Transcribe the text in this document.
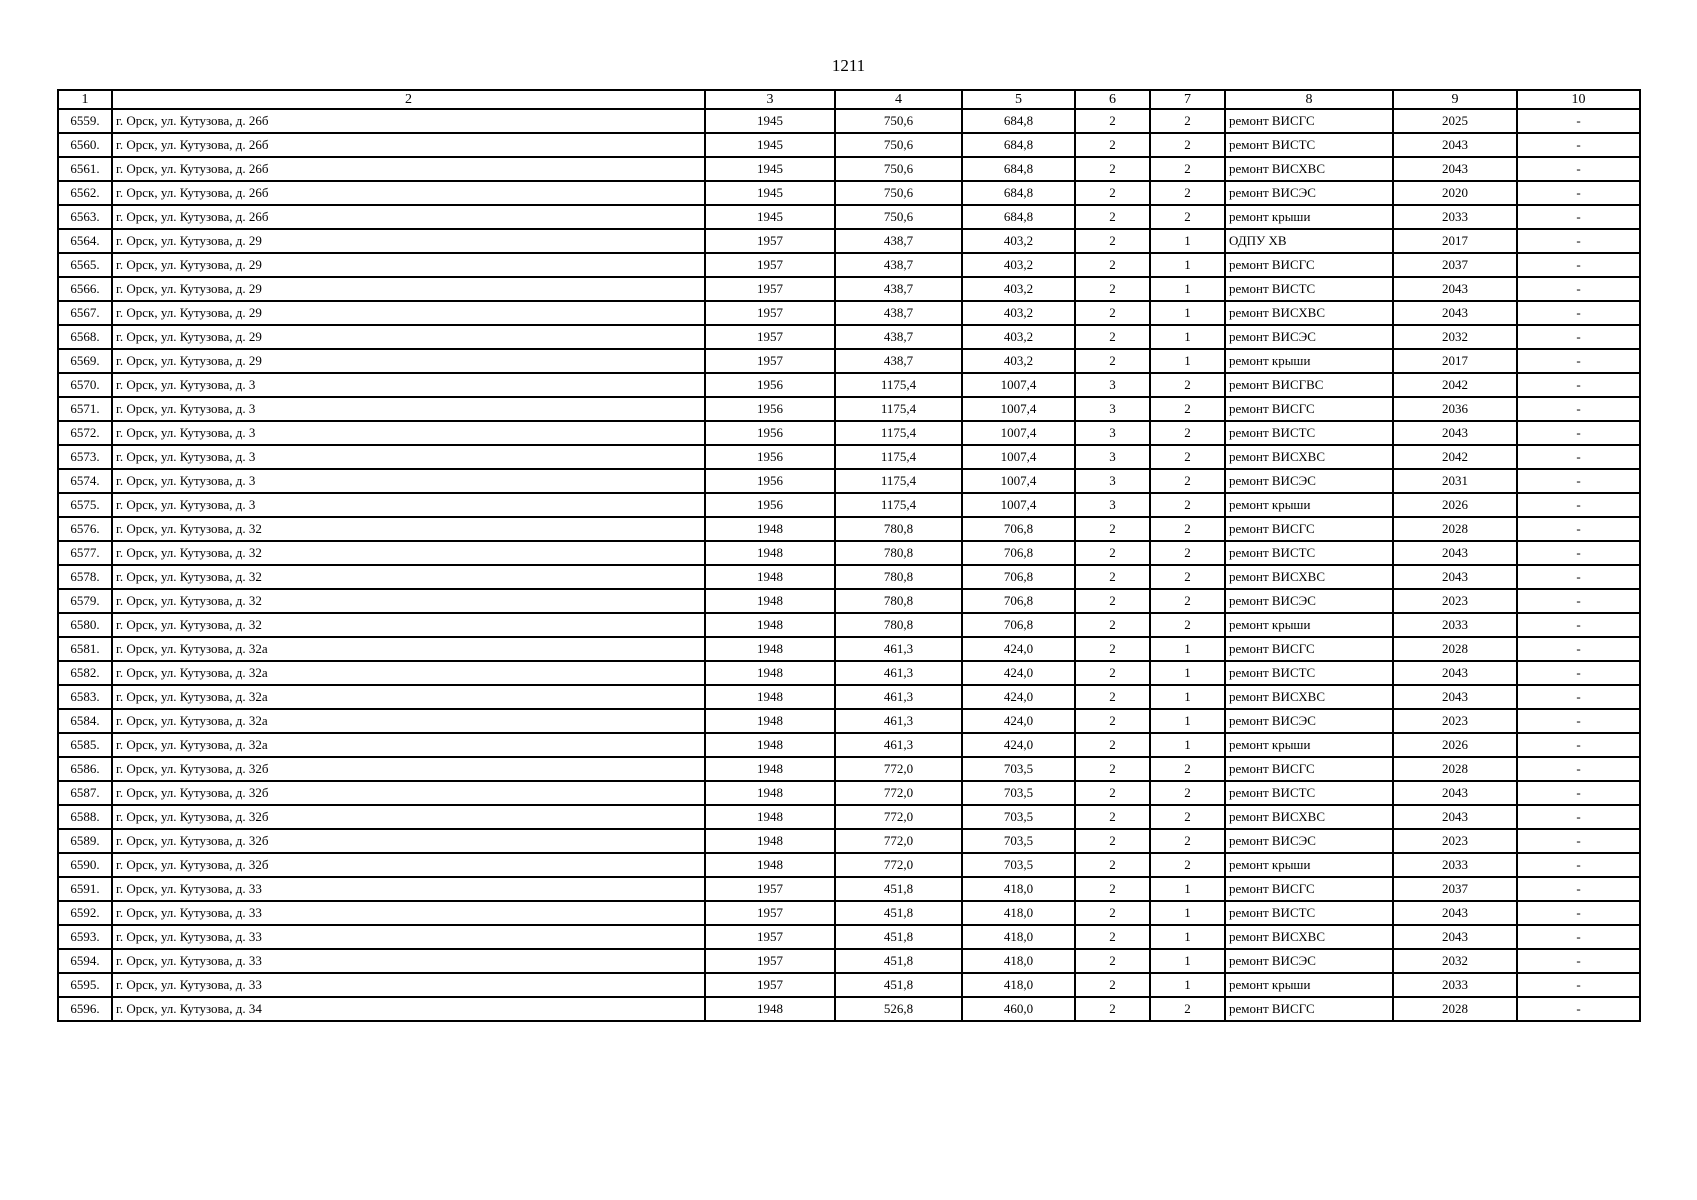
1211
1	2	3	4	5	6	7	8	9	10
6559.	г. Орск, ул. Кутузова, д. 26б	1945	750,6	684,8	2	2	ремонт ВИСГС	2025	-
6560.	г. Орск, ул. Кутузова, д. 26б	1945	750,6	684,8	2	2	ремонт ВИСТС	2043	-
6561.	г. Орск, ул. Кутузова, д. 26б	1945	750,6	684,8	2	2	ремонт ВИСХВС	2043	-
6562.	г. Орск, ул. Кутузова, д. 26б	1945	750,6	684,8	2	2	ремонт ВИСЭС	2020	-
6563.	г. Орск, ул. Кутузова, д. 26б	1945	750,6	684,8	2	2	ремонт крыши	2033	-
6564.	г. Орск, ул. Кутузова, д. 29	1957	438,7	403,2	2	1	ОДПУ ХВ	2017	-
6565.	г. Орск, ул. Кутузова, д. 29	1957	438,7	403,2	2	1	ремонт ВИСГС	2037	-
6566.	г. Орск, ул. Кутузова, д. 29	1957	438,7	403,2	2	1	ремонт ВИСТС	2043	-
6567.	г. Орск, ул. Кутузова, д. 29	1957	438,7	403,2	2	1	ремонт ВИСХВС	2043	-
6568.	г. Орск, ул. Кутузова, д. 29	1957	438,7	403,2	2	1	ремонт ВИСЭС	2032	-
6569.	г. Орск, ул. Кутузова, д. 29	1957	438,7	403,2	2	1	ремонт крыши	2017	-
6570.	г. Орск, ул. Кутузова, д. 3	1956	1175,4	1007,4	3	2	ремонт ВИСГВС	2042	-
6571.	г. Орск, ул. Кутузова, д. 3	1956	1175,4	1007,4	3	2	ремонт ВИСГС	2036	-
6572.	г. Орск, ул. Кутузова, д. 3	1956	1175,4	1007,4	3	2	ремонт ВИСТС	2043	-
6573.	г. Орск, ул. Кутузова, д. 3	1956	1175,4	1007,4	3	2	ремонт ВИСХВС	2042	-
6574.	г. Орск, ул. Кутузова, д. 3	1956	1175,4	1007,4	3	2	ремонт ВИСЭС	2031	-
6575.	г. Орск, ул. Кутузова, д. 3	1956	1175,4	1007,4	3	2	ремонт крыши	2026	-
6576.	г. Орск, ул. Кутузова, д. 32	1948	780,8	706,8	2	2	ремонт ВИСГС	2028	-
6577.	г. Орск, ул. Кутузова, д. 32	1948	780,8	706,8	2	2	ремонт ВИСТС	2043	-
6578.	г. Орск, ул. Кутузова, д. 32	1948	780,8	706,8	2	2	ремонт ВИСХВС	2043	-
6579.	г. Орск, ул. Кутузова, д. 32	1948	780,8	706,8	2	2	ремонт ВИСЭС	2023	-
6580.	г. Орск, ул. Кутузова, д. 32	1948	780,8	706,8	2	2	ремонт крыши	2033	-
6581.	г. Орск, ул. Кутузова, д. 32а	1948	461,3	424,0	2	1	ремонт ВИСГС	2028	-
6582.	г. Орск, ул. Кутузова, д. 32а	1948	461,3	424,0	2	1	ремонт ВИСТС	2043	-
6583.	г. Орск, ул. Кутузова, д. 32а	1948	461,3	424,0	2	1	ремонт ВИСХВС	2043	-
6584.	г. Орск, ул. Кутузова, д. 32а	1948	461,3	424,0	2	1	ремонт ВИСЭС	2023	-
6585.	г. Орск, ул. Кутузова, д. 32а	1948	461,3	424,0	2	1	ремонт крыши	2026	-
6586.	г. Орск, ул. Кутузова, д. 32б	1948	772,0	703,5	2	2	ремонт ВИСГС	2028	-
6587.	г. Орск, ул. Кутузова, д. 32б	1948	772,0	703,5	2	2	ремонт ВИСТС	2043	-
6588.	г. Орск, ул. Кутузова, д. 32б	1948	772,0	703,5	2	2	ремонт ВИСХВС	2043	-
6589.	г. Орск, ул. Кутузова, д. 32б	1948	772,0	703,5	2	2	ремонт ВИСЭС	2023	-
6590.	г. Орск, ул. Кутузова, д. 32б	1948	772,0	703,5	2	2	ремонт крыши	2033	-
6591.	г. Орск, ул. Кутузова, д. 33	1957	451,8	418,0	2	1	ремонт ВИСГС	2037	-
6592.	г. Орск, ул. Кутузова, д. 33	1957	451,8	418,0	2	1	ремонт ВИСТС	2043	-
6593.	г. Орск, ул. Кутузова, д. 33	1957	451,8	418,0	2	1	ремонт ВИСХВС	2043	-
6594.	г. Орск, ул. Кутузова, д. 33	1957	451,8	418,0	2	1	ремонт ВИСЭС	2032	-
6595.	г. Орск, ул. Кутузова, д. 33	1957	451,8	418,0	2	1	ремонт крыши	2033	-
6596.	г. Орск, ул. Кутузова, д. 34	1948	526,8	460,0	2	2	ремонт ВИСГС	2028	-
